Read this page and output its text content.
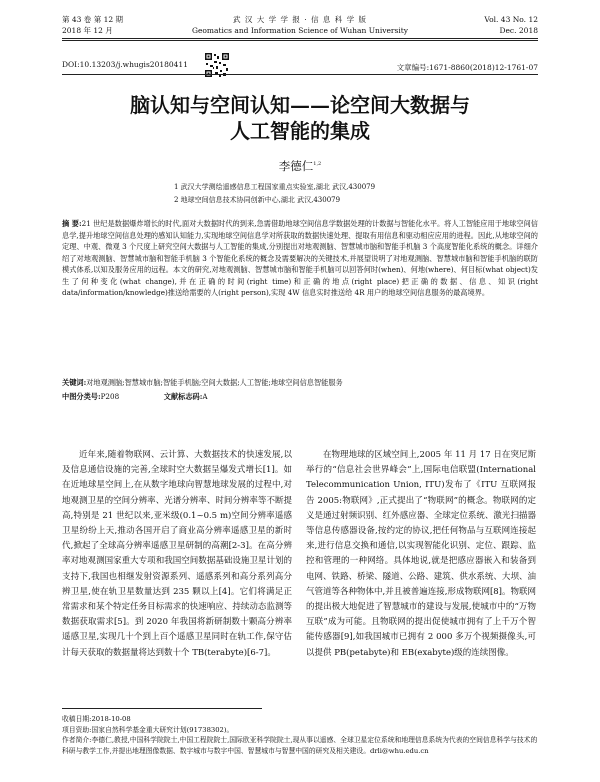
第 43 卷 第 12 期
2018 年 12 月
武 汉 大 学 学 报 · 信 息 科 学 版
Geomatics and Information Science of Wuhan University
Vol. 43 No. 12
Dec. 2018
DOI:10.13203/j.whugis20180411	文章编号:1671-8860(2018)12-1761-07
脑认知与空间认知——论空间大数据与
人工智能的集成
李德仁$^{1,2}$
1 武汉大学测绘遥感信息工程国家重点实验室,湖北 武汉,430079
2 地球空间信息技术协同创新中心,湖北 武汉,430079
摘 要:21 世纪是数据爆炸增长的时代,面对大数据时代的到来,急需借助地球空间信息学数据处理的计数据与智能化水平。将人工智能应用于地球空间信息学,提升地球空间信息处理的感知认知能力,实现地球空间信息学对所获取的数据快速处理、提取有用信息和驱动相应应用的进程。因此,从地球空间的定理、中观、微观 3 个尺度上研究空间大数据与人工智能的集成,分别提出对地观测脑、智慧城市脑和智能手机脑 3 个高度智能化系统的概念。详细介绍了对地观测脑、智慧城市脑和智能手机脑 3 个智能化系统的概念及需要解决的关键技术,并展望说明了对地观测脑、智慧城市脑和智能手机脑的联防模式体系,以知及服务应用的远程。本文的研究,对地观测脑、智慧城市脑和智能手机脑可以回答何时(when)、何地(where)、何目标(what object)发生了何种变化(what change),并在正确的时间(right time)和正确的地点(right place)把正确的数据、信息、知识(right data/information/knowledge)推送给需要的人(right person),实现 4W 信息实时推送给 4R 用户的地球空间信息服务的最高境界。
关键词:对地观测脑;智慧城市脑;智能手机脑;空间大数据;人工智能;地球空间信息智能服务
中图分类号:P208	文献标志码:A
近年来,随着物联网、云计算、大数据技术的快速发展,以及信息通信设施的完善,全球时空大数据呈爆发式增长[1]。如在近地球星空间上,在从数字地球向智慧地球发展的过程中,对地观测卫星的空间分辨率、光谱分辨率、时间分辨率等不断提高,特别是 21 世纪以来,亚米级(0.1~0.5 m)空间分辨率遥感卫星纷纷上天,推动各国开启了商业高分辨率遥感卫星的新时代,掀起了全球高分辨率遥感卫星研制的高潮[2-3]。在高分辨率对地观测国家重大专项和我国空间数据基础设施卫星计划的支持下,我国也相继发射资源系列、遥感系列和高分系列高分辨卫星,使在轨卫星数量达到 235 颗以上[4]。它们将满足正常需求和某个特定任务目标需求的快速响应、持续动态监测等数据获取需求[5]。到 2020 年我国将新研制数十颗高分辨率遥感卫星,实现几十个到上百个遥感卫星同时在轨工作,保守估计每天获取的数据量将达到数十个 TB(terabyte)[6-7]。
在物理地球的区域空间上,2005 年 11 月 17 日在突尼斯举行的“信息社会世界峰会”上,国际电信联盟(International Telecommunication Union, ITU)发布了《ITU 互联网报告 2005:物联网》,正式提出了“物联网”的概念。物联网的定义是通过射频识别、红外感应器、全球定位系统、激光扫描器等信息传感器设备,按约定的协议,把任何物品与互联网连接起来,进行信息交换和通信,以实现智能化识别、定位、跟踪、监控和管理的一种网络。具体地说,就是把感应器嵌入和装备到电网、铁路、桥梁、隧道、公路、建筑、供水系统、大坝、油气管道等各种物体中,并且被普遍连接,形成物联网[8]。物联网的提出极大地促进了智慧城市的建设与发展,使城市中的“万物互联”成为可能。且物联网的提出促使城市拥有了上千万个智能传感器[9],如我国城市已拥有 2 000 多万个视频摄像头,可以提供 PB(petabyte)和 EB(exabyte)级的连续图像。
收稿日期:2018-10-08
项目资助:国家自然科学基金重大研究计划(91738302)。
作者简介:李德仁,教授,中国科学院院士,中国工程院院士,国际欧亚科学院院士,现从事以遥感、全球卫星定位系统和地理信息系统为代表的空间信息科学与技术的科研与教学工作,并提出地理图像数据、数字城市与数字中国、智慧城市与智慧中国的研究及相关建设。drli@whu.edu.cn
